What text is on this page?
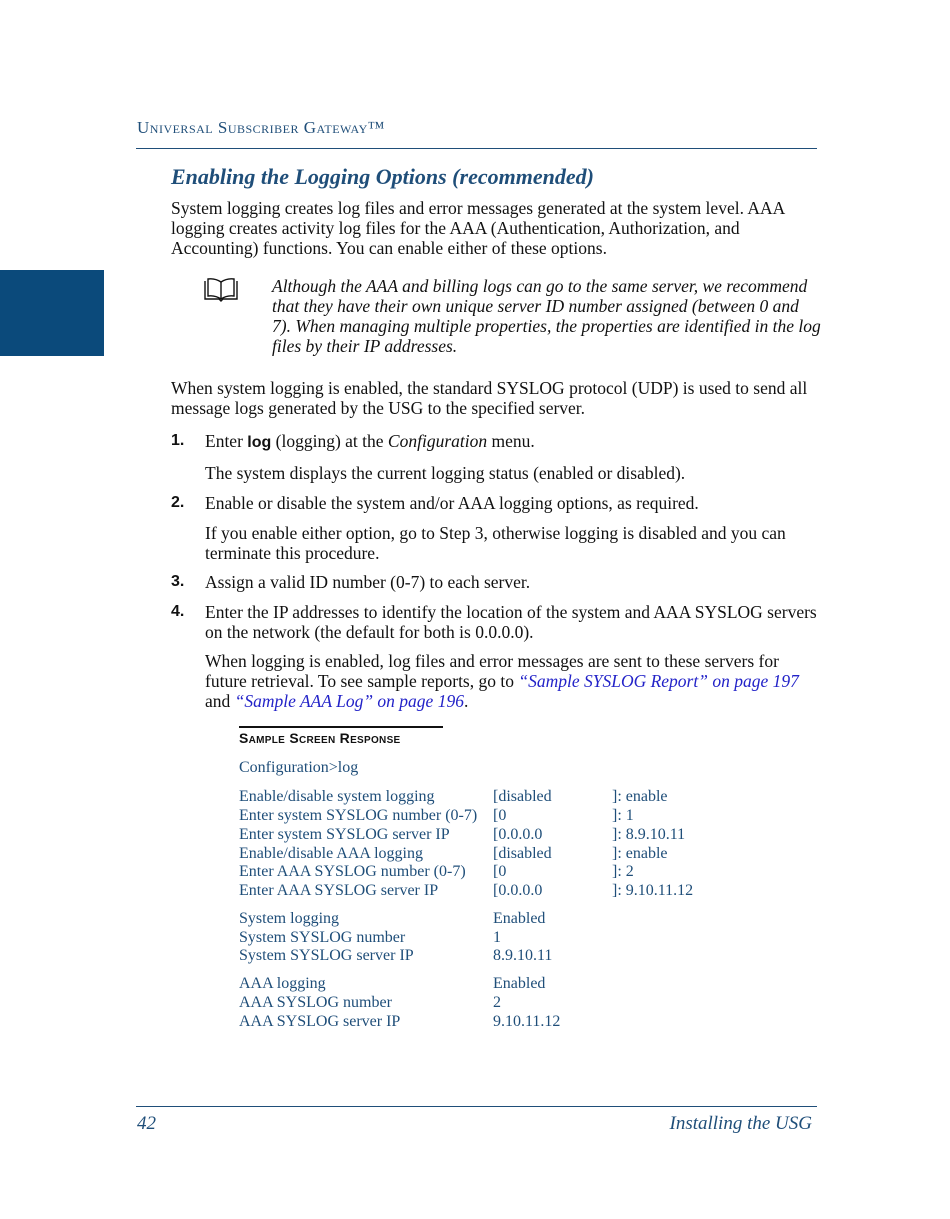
Universal Subscriber Gateway™
Enabling the Logging Options (recommended)
System logging creates log files and error messages generated at the system level. AAA logging creates activity log files for the AAA (Authentication, Authorization, and Accounting) functions. You can enable either of these options.
Although the AAA and billing logs can go to the same server, we recommend that they have their own unique server ID number assigned (between 0 and 7). When managing multiple properties, the properties are identified in the log files by their IP addresses.
When system logging is enabled, the standard SYSLOG protocol (UDP) is used to send all message logs generated by the USG to the specified server.
1. Enter log (logging) at the Configuration menu.
The system displays the current logging status (enabled or disabled).
2. Enable or disable the system and/or AAA logging options, as required.
If you enable either option, go to Step 3, otherwise logging is disabled and you can terminate this procedure.
3. Assign a valid ID number (0-7) to each server.
4. Enter the IP addresses to identify the location of the system and AAA SYSLOG servers on the network (the default for both is 0.0.0.0).
When logging is enabled, log files and error messages are sent to these servers for future retrieval. To see sample reports, go to “Sample SYSLOG Report” on page 197 and “Sample AAA Log” on page 196.
Sample Screen Response
Configuration>log
Enable/disable system logging	[disabled	]: enable
Enter system SYSLOG number (0-7) [0	]: 1
Enter system SYSLOG server IP	[0.0.0.0	]: 8.9.10.11
Enable/disable AAA logging	[disabled	]: enable
Enter AAA SYSLOG number (0-7) [0	]: 2
Enter AAA SYSLOG server IP	[0.0.0.0	]: 9.10.11.12
System logging	Enabled
System SYSLOG number	1
System SYSLOG server IP	8.9.10.11
AAA logging	Enabled
AAA SYSLOG number	2
AAA SYSLOG server IP	9.10.11.12
42	Installing the USG
